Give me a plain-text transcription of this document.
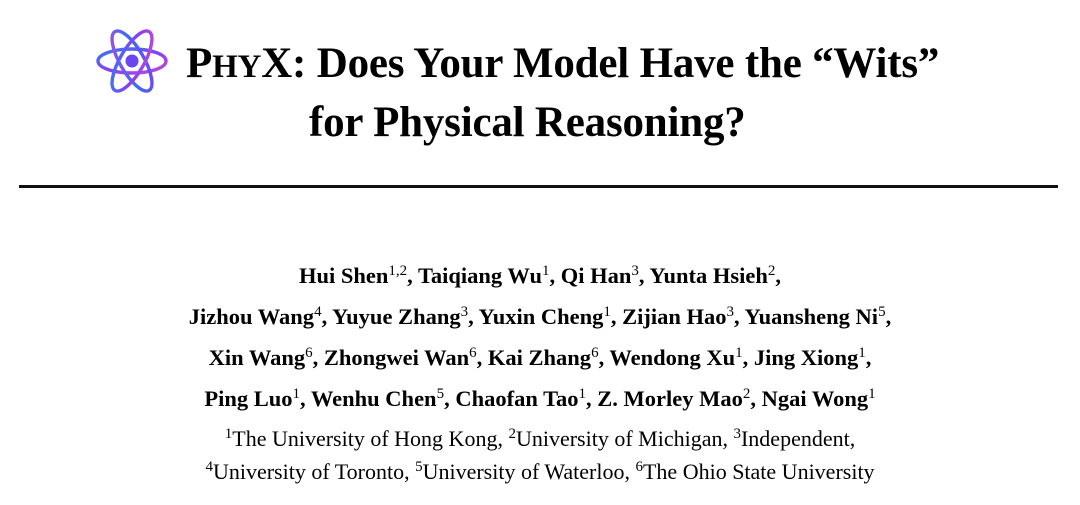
PHYX: Does Your Model Have the “Wits”
for Physical Reasoning?
Hui Shen$^{1,2}$, Taiqiang Wu$^1$, Qi Han$^3$, Yunta Hsieh$^2$,
Jizhou Wang$^4$, Yuyue Zhang$^3$, Yuxin Cheng$^1$, Zijian Hao$^3$, Yuansheng Ni$^5$,
Xin Wang$^6$, Zhongwei Wan$^6$, Kai Zhang$^6$, Wendong Xu$^1$, Jing Xiong$^1$,
Ping Luo$^1$, Wenhu Chen$^5$, Chaofan Tao$^1$, Z. Morley Mao$^2$, Ngai Wong$^1$
$^1$The University of Hong Kong, $^2$University of Michigan, $^3$Independent,
$^4$University of Toronto, $^5$University of Waterloo, $^6$The Ohio State University
